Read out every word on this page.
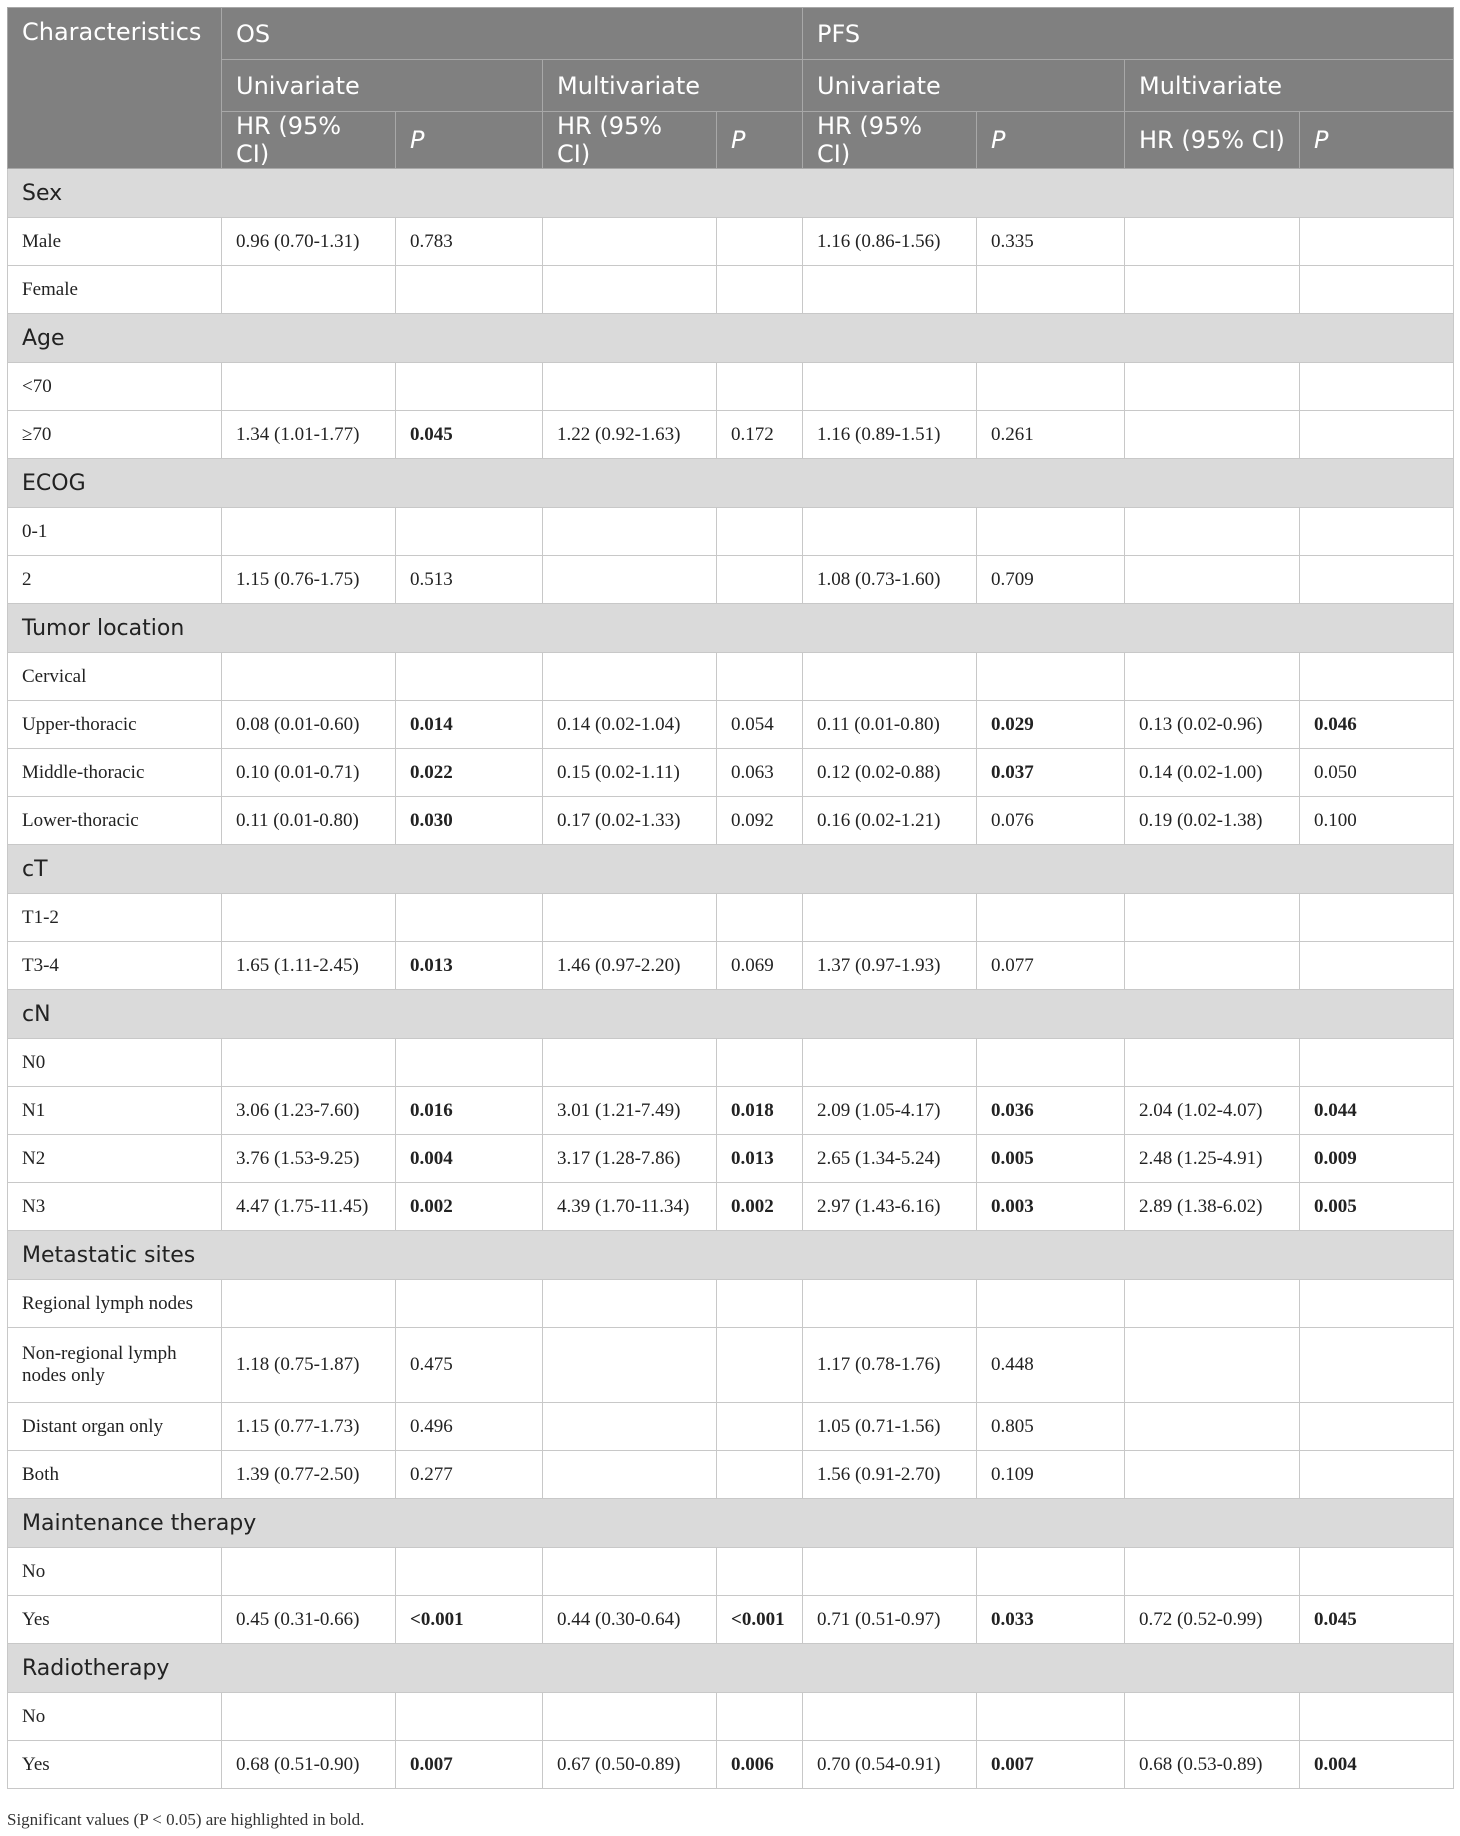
Characteristics	OS				PFS			
	Univariate		Multivariate		Univariate		Multivariate	
	HR (95% CI)	P	HR (95% CI)	P	HR (95% CI)	P	HR (95% CI)	P
Sex								
Male	0.96 (0.70-1.31)	0.783			1.16 (0.86-1.56)	0.335		
Female								
Age								
<70								
≥70	1.34 (1.01-1.77)	0.045	1.22 (0.92-1.63)	0.172	1.16 (0.89-1.51)	0.261		
ECOG								
0-1								
2	1.15 (0.76-1.75)	0.513			1.08 (0.73-1.60)	0.709		
Tumor location								
Cervical								
Upper-thoracic	0.08 (0.01-0.60)	0.014	0.14 (0.02-1.04)	0.054	0.11 (0.01-0.80)	0.029	0.13 (0.02-0.96)	0.046
Middle-thoracic	0.10 (0.01-0.71)	0.022	0.15 (0.02-1.11)	0.063	0.12 (0.02-0.88)	0.037	0.14 (0.02-1.00)	0.050
Lower-thoracic	0.11 (0.01-0.80)	0.030	0.17 (0.02-1.33)	0.092	0.16 (0.02-1.21)	0.076	0.19 (0.02-1.38)	0.100
cT								
T1-2								
T3-4	1.65 (1.11-2.45)	0.013	1.46 (0.97-2.20)	0.069	1.37 (0.97-1.93)	0.077		
cN								
N0								
N1	3.06 (1.23-7.60)	0.016	3.01 (1.21-7.49)	0.018	2.09 (1.05-4.17)	0.036	2.04 (1.02-4.07)	0.044
N2	3.76 (1.53-9.25)	0.004	3.17 (1.28-7.86)	0.013	2.65 (1.34-5.24)	0.005	2.48 (1.25-4.91)	0.009
N3	4.47 (1.75-11.45)	0.002	4.39 (1.70-11.34)	0.002	2.97 (1.43-6.16)	0.003	2.89 (1.38-6.02)	0.005
Metastatic sites								
Regional lymph nodes								
Non-regional lymph nodes only	1.18 (0.75-1.87)	0.475			1.17 (0.78-1.76)	0.448		
Distant organ only	1.15 (0.77-1.73)	0.496			1.05 (0.71-1.56)	0.805		
Both	1.39 (0.77-2.50)	0.277			1.56 (0.91-2.70)	0.109		
Maintenance therapy								
No								
Yes	0.45 (0.31-0.66)	<0.001	0.44 (0.30-0.64)	<0.001	0.71 (0.51-0.97)	0.033	0.72 (0.52-0.99)	0.045
Radiotherapy								
No								
Yes	0.68 (0.51-0.90)	0.007	0.67 (0.50-0.89)	0.006	0.70 (0.54-0.91)	0.007	0.68 (0.53-0.89)	0.004
Significant values (P < 0.05) are highlighted in bold.
